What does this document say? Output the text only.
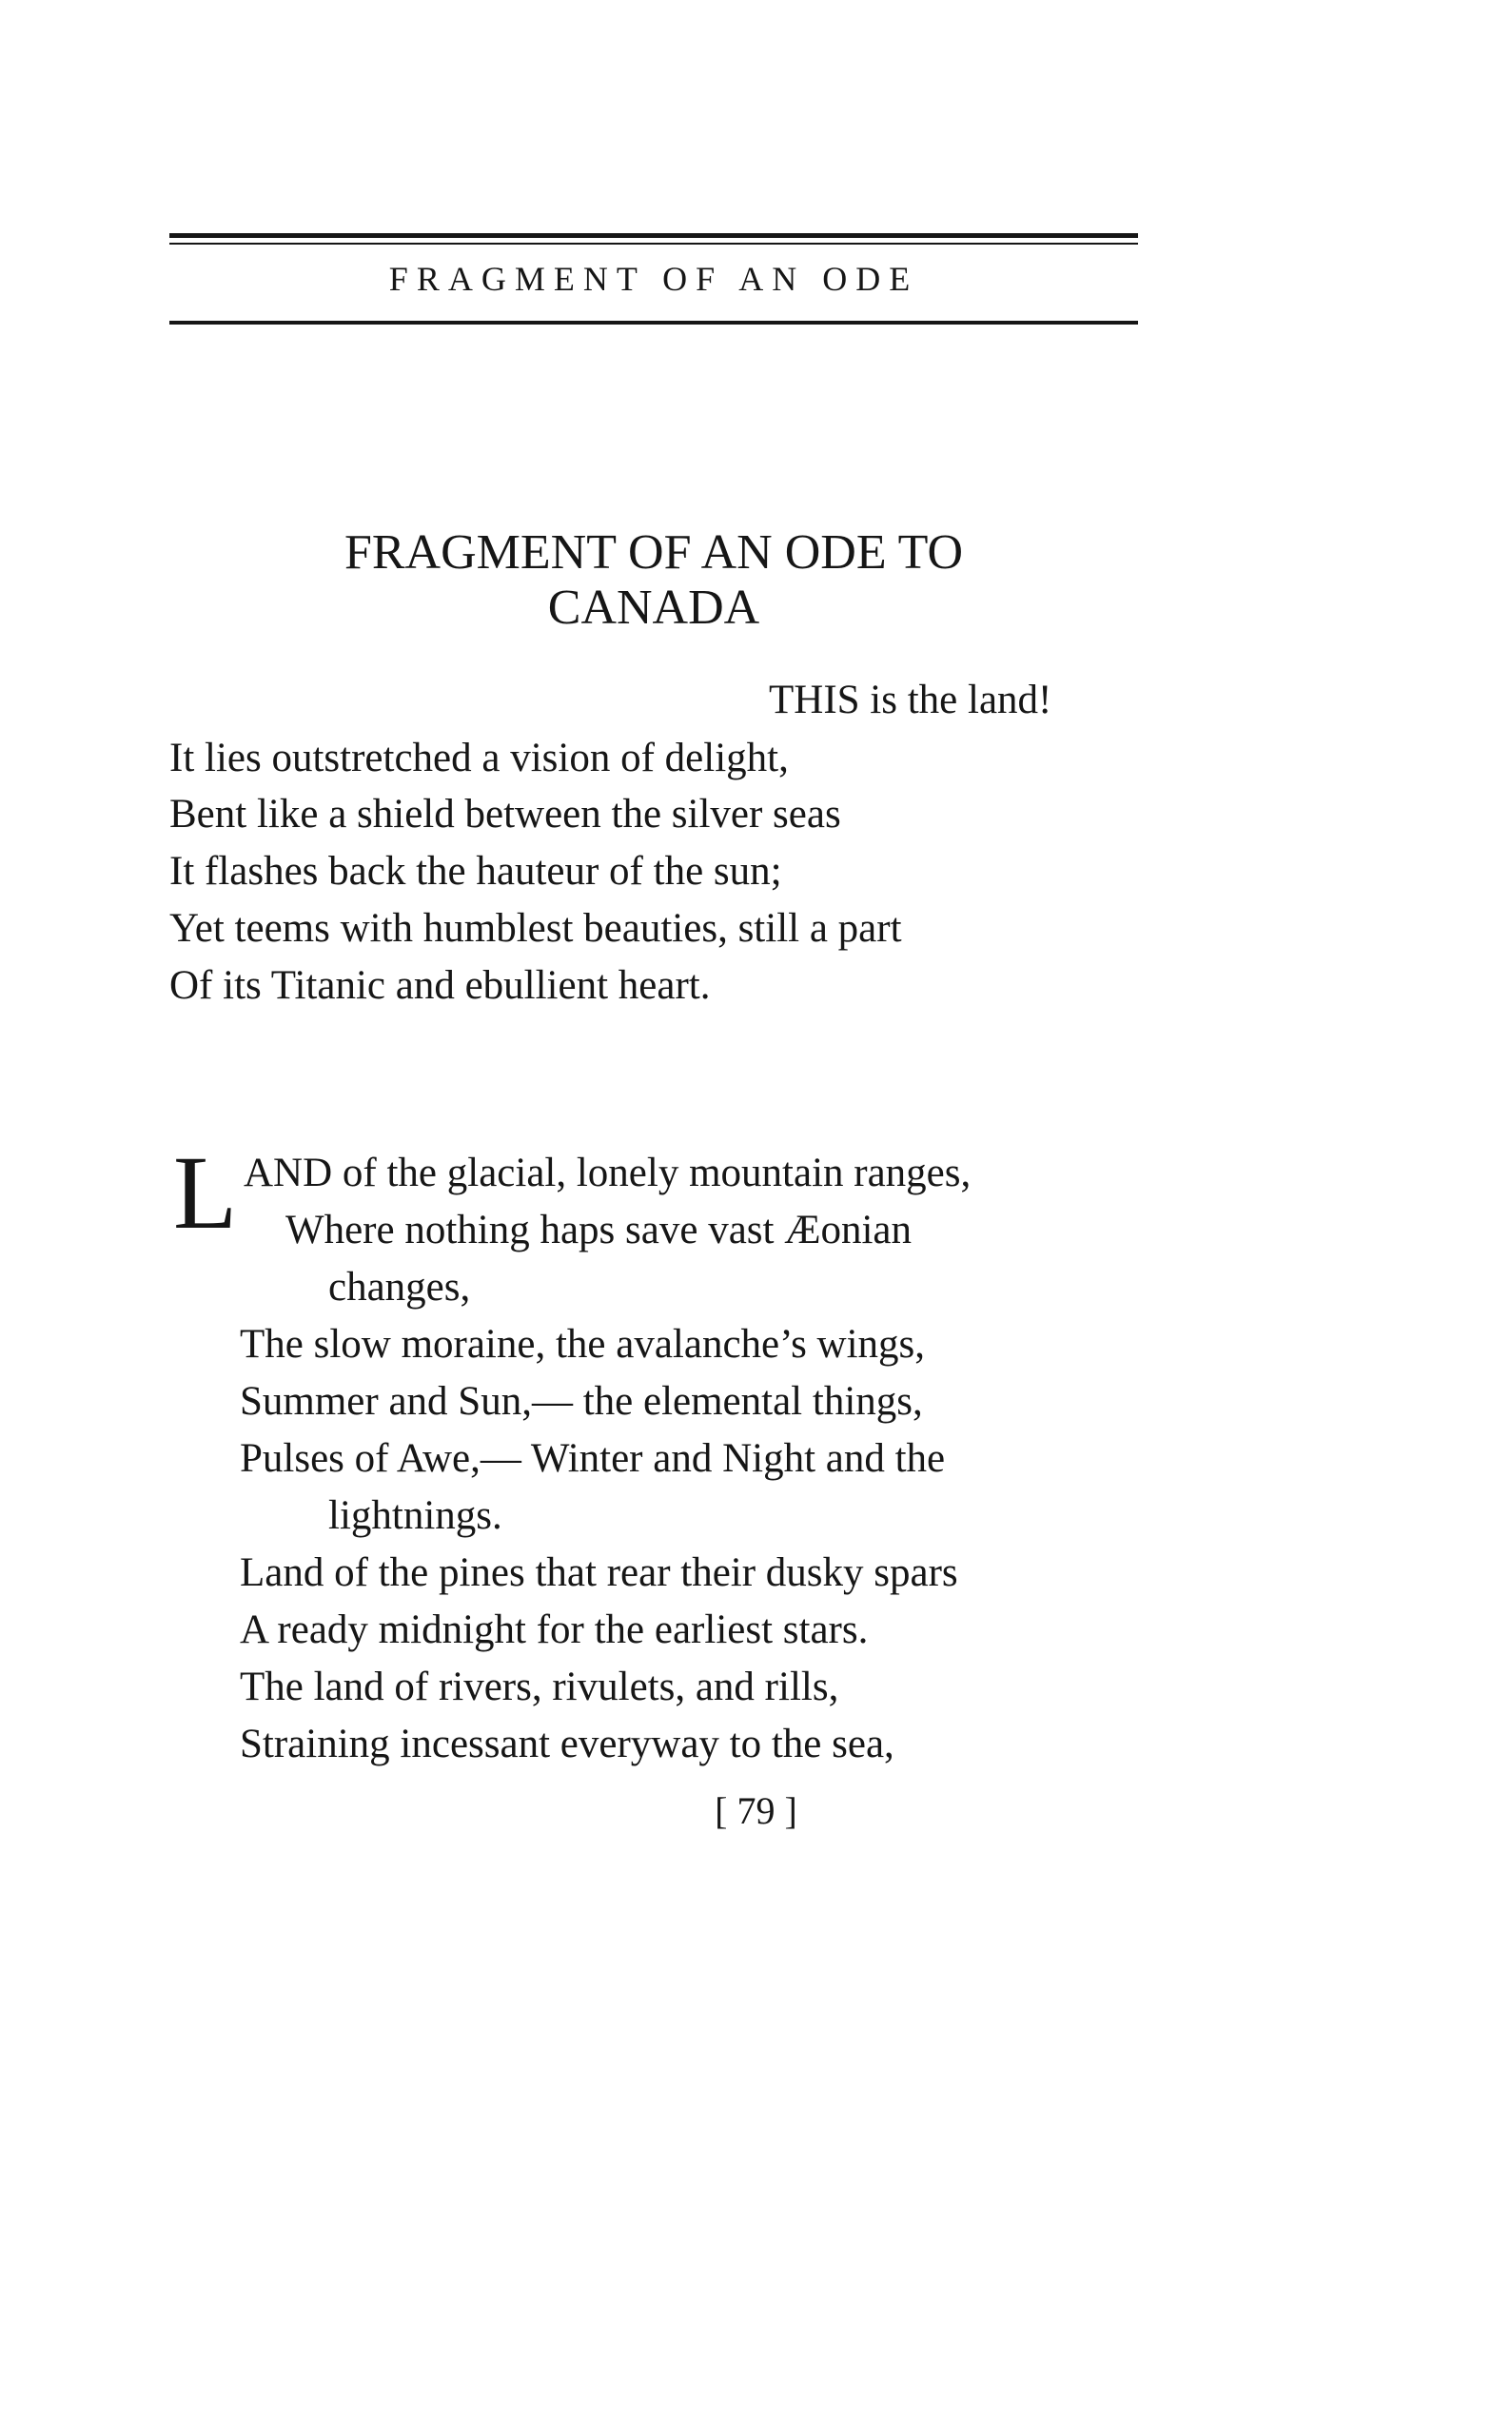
FRAGMENT OF AN ODE
FRAGMENT OF AN ODE TO
CANADA
THIS is the land!
It lies outstretched a vision of delight,
Bent like a shield between the silver seas
It flashes back the hauteur of the sun;
Yet teems with humblest beauties, still a part
Of its Titanic and ebullient heart.
L AND of the glacial, lonely mountain ranges,
Where nothing haps save vast Æonian
changes,
The slow moraine, the avalanche’s wings,
Summer and Sun,— the elemental things,
Pulses of Awe,— Winter and Night and the
lightnings.
Land of the pines that rear their dusky spars
A ready midnight for the earliest stars.
The land of rivers, rivulets, and rills,
Straining incessant everyway to the sea,
[ 79 ]
